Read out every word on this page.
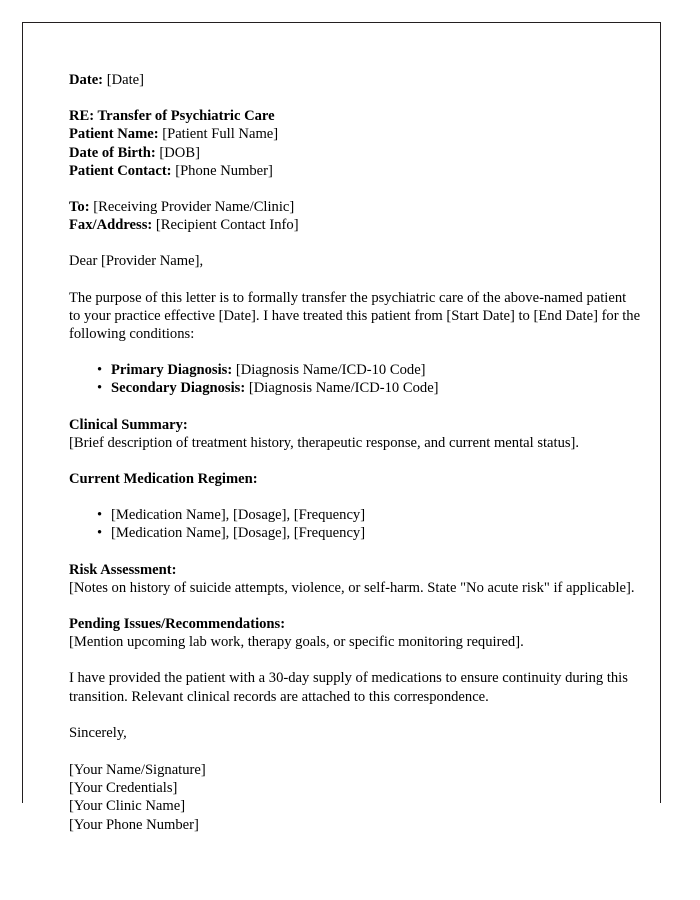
Date: [Date]
RE: Transfer of Psychiatric Care
Patient Name: [Patient Full Name]
Date of Birth: [DOB]
Patient Contact: [Phone Number]
To: [Receiving Provider Name/Clinic]
Fax/Address: [Recipient Contact Info]
Dear [Provider Name],
The purpose of this letter is to formally transfer the psychiatric care of the above-named patient to your practice effective [Date]. I have treated this patient from [Start Date] to [End Date] for the following conditions:
• Primary Diagnosis: [Diagnosis Name/ICD-10 Code]
• Secondary Diagnosis: [Diagnosis Name/ICD-10 Code]
Clinical Summary:
[Brief description of treatment history, therapeutic response, and current mental status].
Current Medication Regimen:
• [Medication Name], [Dosage], [Frequency]
• [Medication Name], [Dosage], [Frequency]
Risk Assessment:
[Notes on history of suicide attempts, violence, or self-harm. State "No acute risk" if applicable].
Pending Issues/Recommendations:
[Mention upcoming lab work, therapy goals, or specific monitoring required].
I have provided the patient with a 30-day supply of medications to ensure continuity during this transition. Relevant clinical records are attached to this correspondence.
Sincerely,
[Your Name/Signature]
[Your Credentials]
[Your Clinic Name]
[Your Phone Number]
